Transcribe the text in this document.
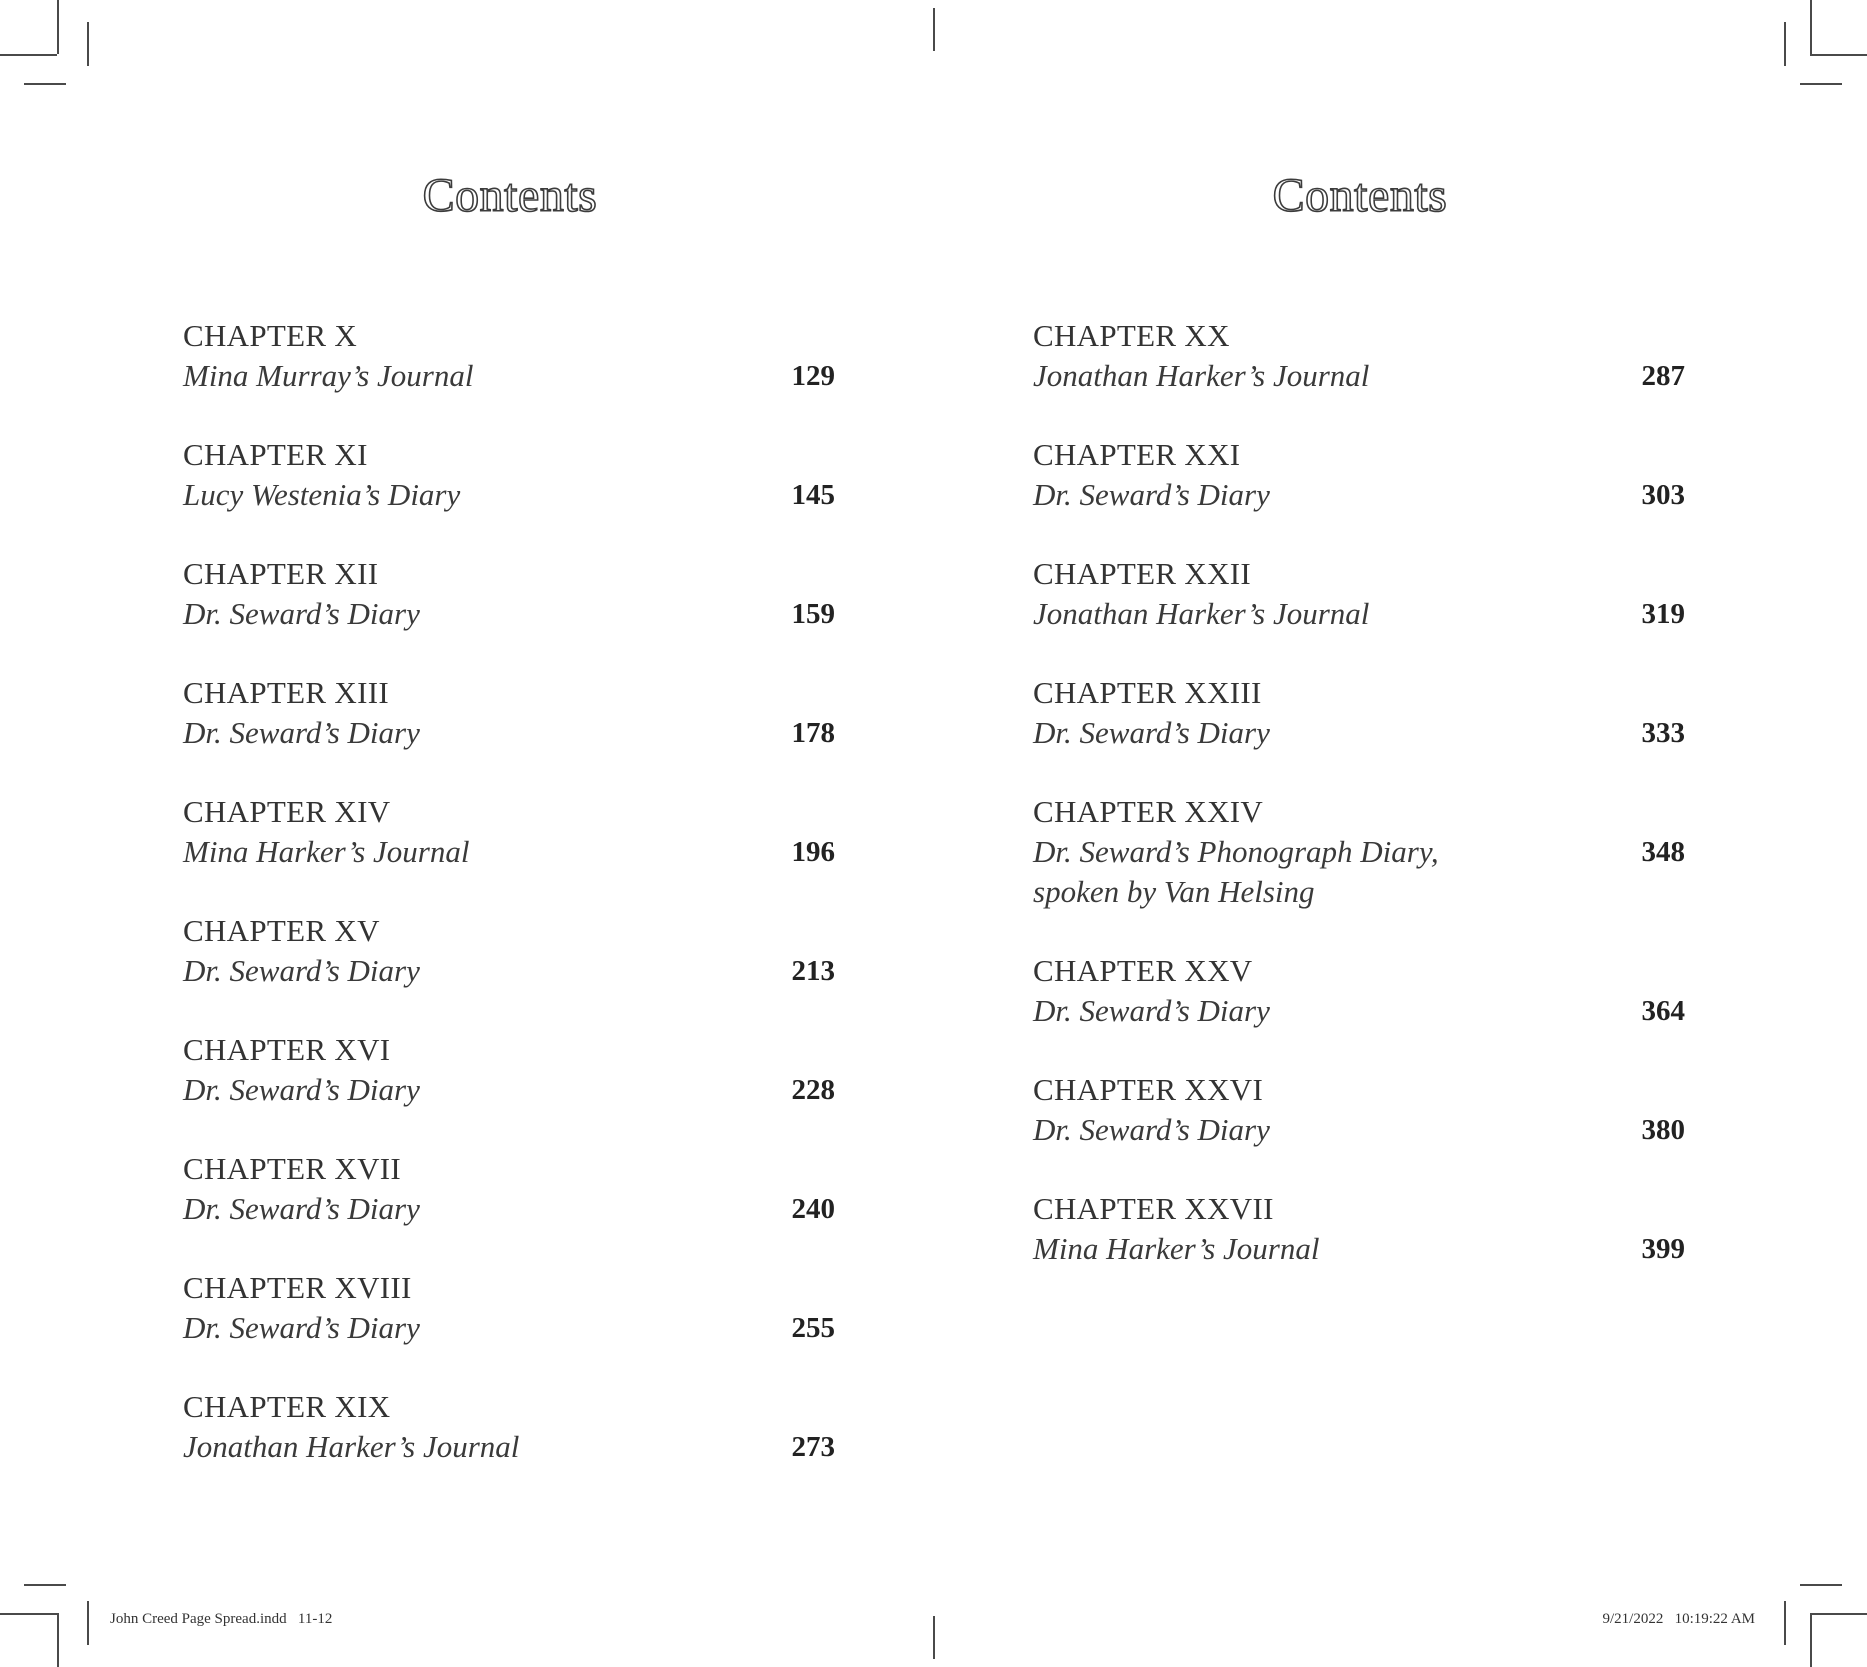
Contents
CHAPTER X
Mina Murray’s Journal	129
CHAPTER XI
Lucy Westenia’s Diary	145
CHAPTER XII
Dr. Seward’s Diary	159
CHAPTER XIII
Dr. Seward’s Diary	178
CHAPTER XIV
Mina Harker’s Journal	196
CHAPTER XV
Dr. Seward’s Diary	213
CHAPTER XVI
Dr. Seward’s Diary	228
CHAPTER XVII
Dr. Seward’s Diary	240
CHAPTER XVIII
Dr. Seward’s Diary	255
CHAPTER XIX
Jonathan Harker’s Journal	273
Contents
CHAPTER XX
Jonathan Harker’s Journal	287
CHAPTER XXI
Dr. Seward’s Diary	303
CHAPTER XXII
Jonathan Harker’s Journal	319
CHAPTER XXIII
Dr. Seward’s Diary	333
CHAPTER XXIV
Dr. Seward’s Phonograph Diary, spoken by Van Helsing
348
CHAPTER XXV
Dr. Seward’s Diary	364
CHAPTER XXVI
Dr. Seward’s Diary	380
CHAPTER XXVII
Mina Harker’s Journal	399
John Creed Page Spread.indd   11-12	9/21/2022   10:19:22 AM
